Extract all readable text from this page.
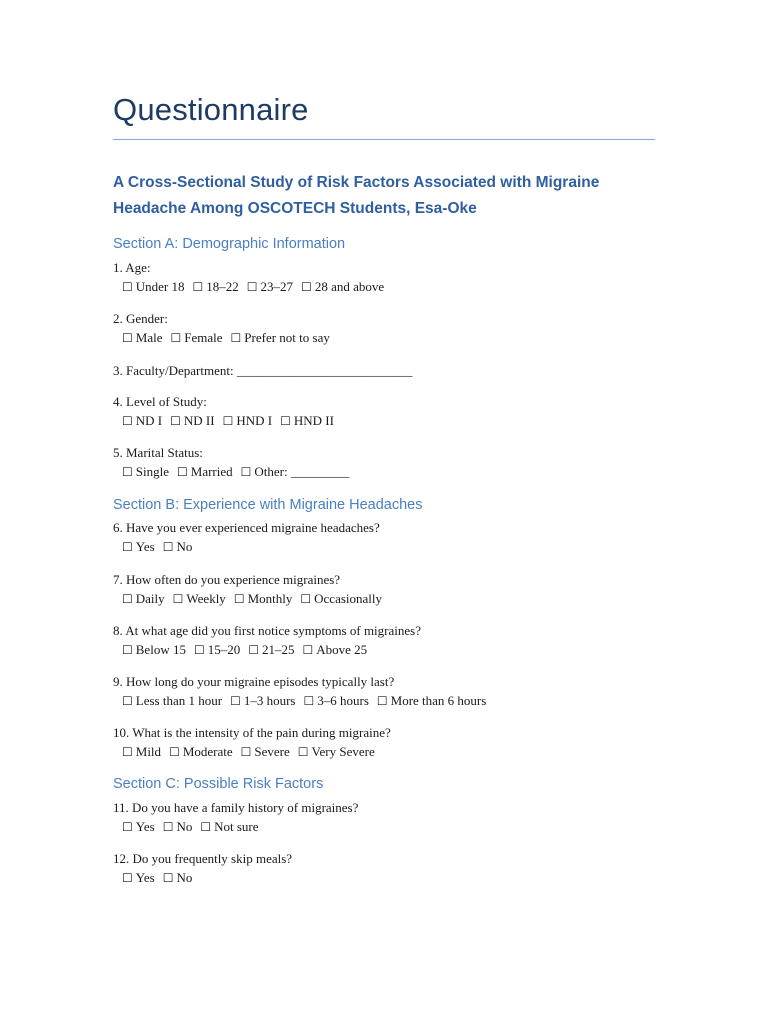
Questionnaire
A Cross-Sectional Study of Risk Factors Associated with Migraine Headache Among OSCOTECH Students, Esa-Oke
Section A: Demographic Information
1. Age:
☐ Under 18 ☐ 18–22 ☐ 23–27 ☐ 28 and above
2. Gender:
☐ Male ☐ Female ☐ Prefer not to say
3. Faculty/Department: ___________________________
4. Level of Study:
☐ ND I ☐ ND II ☐ HND I ☐ HND II
5. Marital Status:
☐ Single ☐ Married ☐ Other: _________
Section B: Experience with Migraine Headaches
6. Have you ever experienced migraine headaches?
☐ Yes ☐ No
7. How often do you experience migraines?
☐ Daily ☐ Weekly ☐ Monthly ☐ Occasionally
8. At what age did you first notice symptoms of migraines?
☐ Below 15 ☐ 15–20 ☐ 21–25 ☐ Above 25
9. How long do your migraine episodes typically last?
☐ Less than 1 hour ☐ 1–3 hours ☐ 3–6 hours ☐ More than 6 hours
10. What is the intensity of the pain during migraine?
☐ Mild ☐ Moderate ☐ Severe ☐ Very Severe
Section C: Possible Risk Factors
11. Do you have a family history of migraines?
☐ Yes ☐ No ☐ Not sure
12. Do you frequently skip meals?
☐ Yes ☐ No
